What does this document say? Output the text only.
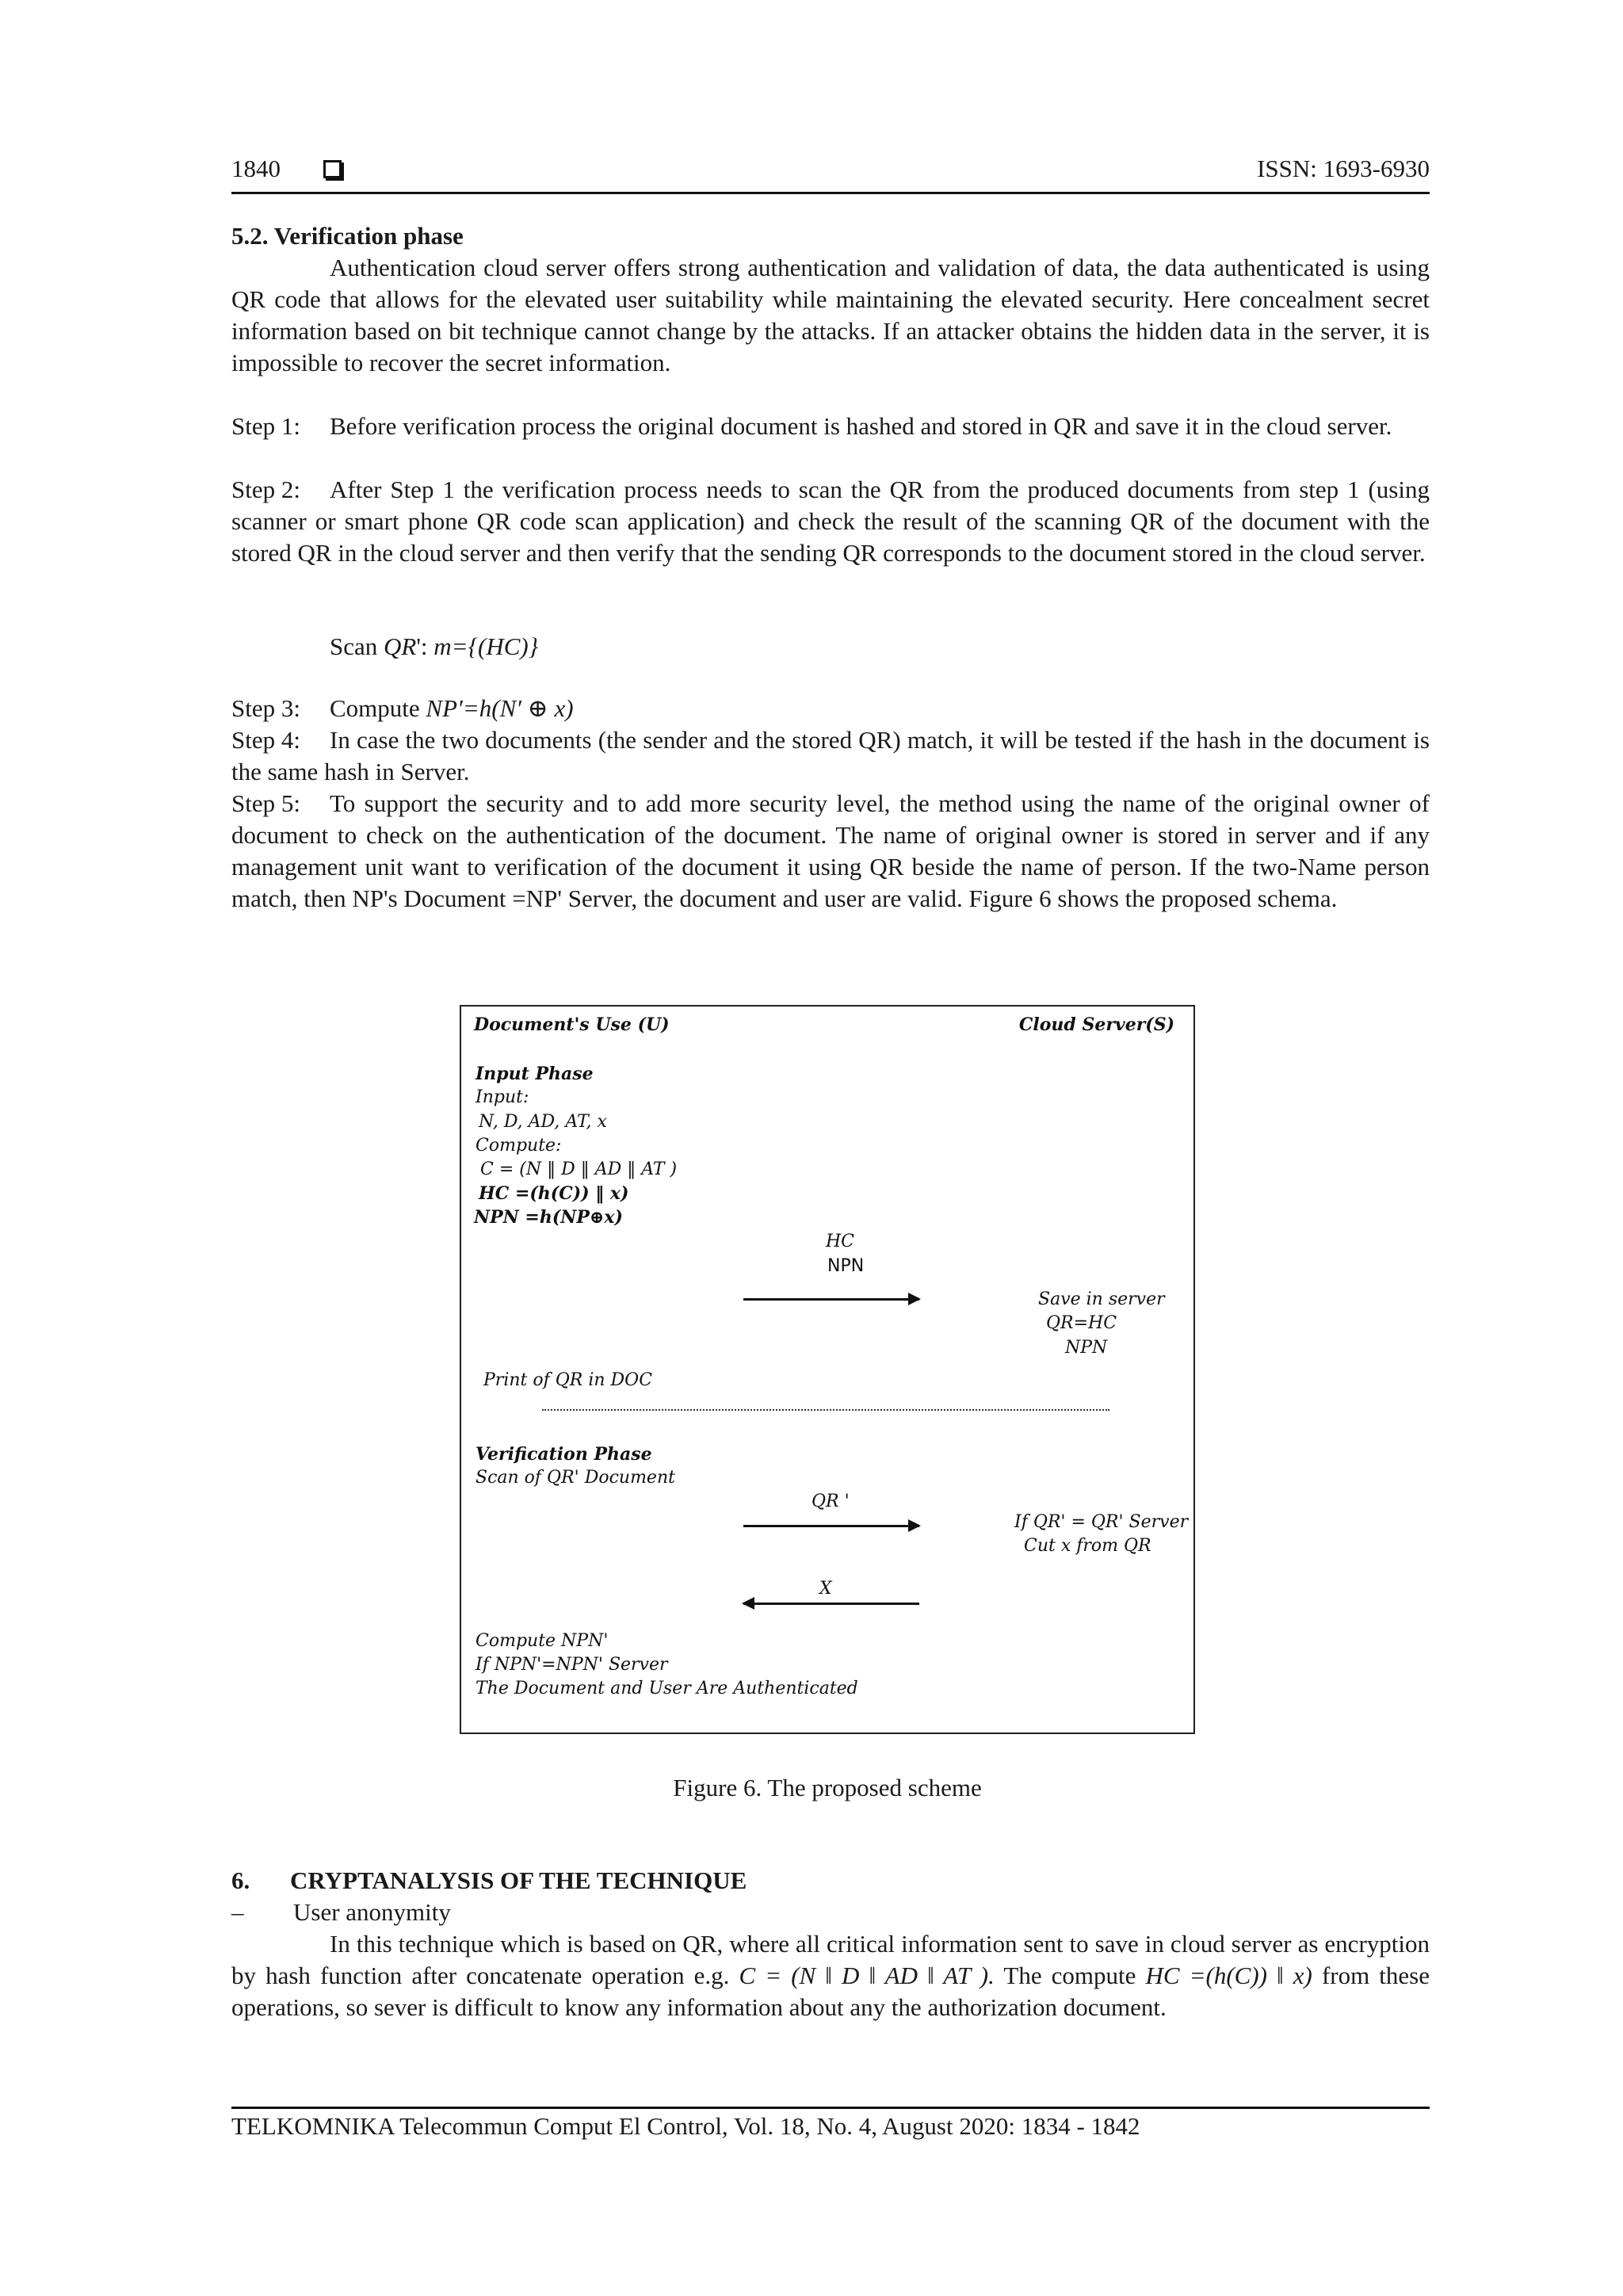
1840	ISSN: 1693-6930
5.2. Verification phase
Authentication cloud server offers strong authentication and validation of data, the data authenticated is using QR code that allows for the elevated user suitability while maintaining the elevated security. Here concealment secret information based on bit technique cannot change by the attacks. If an attacker obtains the hidden data in the server, it is impossible to recover the secret information.
Step 1: Before verification process the original document is hashed and stored in QR and save it in the cloud server.
Step 2: After Step 1 the verification process needs to scan the QR from the produced documents from step 1 (using scanner or smart phone QR code scan application) and check the result of the scanning QR of the document with the stored QR in the cloud server and then verify that the sending QR corresponds to the document stored in the cloud server.
Scan QR': m={(HC)}
Step 3: Compute NP′=h(N′ ⊕ x)
Step 4: In case the two documents (the sender and the stored QR) match, it will be tested if the hash in the document is the same hash in Server.
Step 5: To support the security and to add more security level, the method using the name of the original owner of document to check on the authentication of the document. The name of original owner is stored in server and if any management unit want to verification of the document it using QR beside the name of person. If the two-Name person match, then NP's Document =NP' Server, the document and user are valid. Figure 6 shows the proposed schema.
Document's Use (U)	Cloud Server(S)
Input Phase
Input:
N, D, AD, AT, x
Compute:
C = (N ‖ D ‖ AD ‖ AT )
HC =(h(C)) ‖ x)
NPN =h(NP⊕x)
HC
NPN
Save in server
QR=HC
NPN
Print of QR in DOC
Verification Phase
Scan of QR' Document
QR '
If QR' = QR' Server
Cut x from QR
X
Compute NPN'
If NPN'=NPN' Server
The Document and User Are Authenticated
Figure 6. The proposed scheme
6. CRYPTANALYSIS OF THE TECHNIQUE
– User anonymity
In this technique which is based on QR, where all critical information sent to save in cloud server as encryption by hash function after concatenate operation e.g. C = (N ‖ D ‖ AD ‖ AT ). The compute HC =(h(C)) ‖ x) from these operations, so sever is difficult to know any information about any the authorization document.
TELKOMNIKA Telecommun Comput El Control, Vol. 18, No. 4, August 2020: 1834 - 1842
